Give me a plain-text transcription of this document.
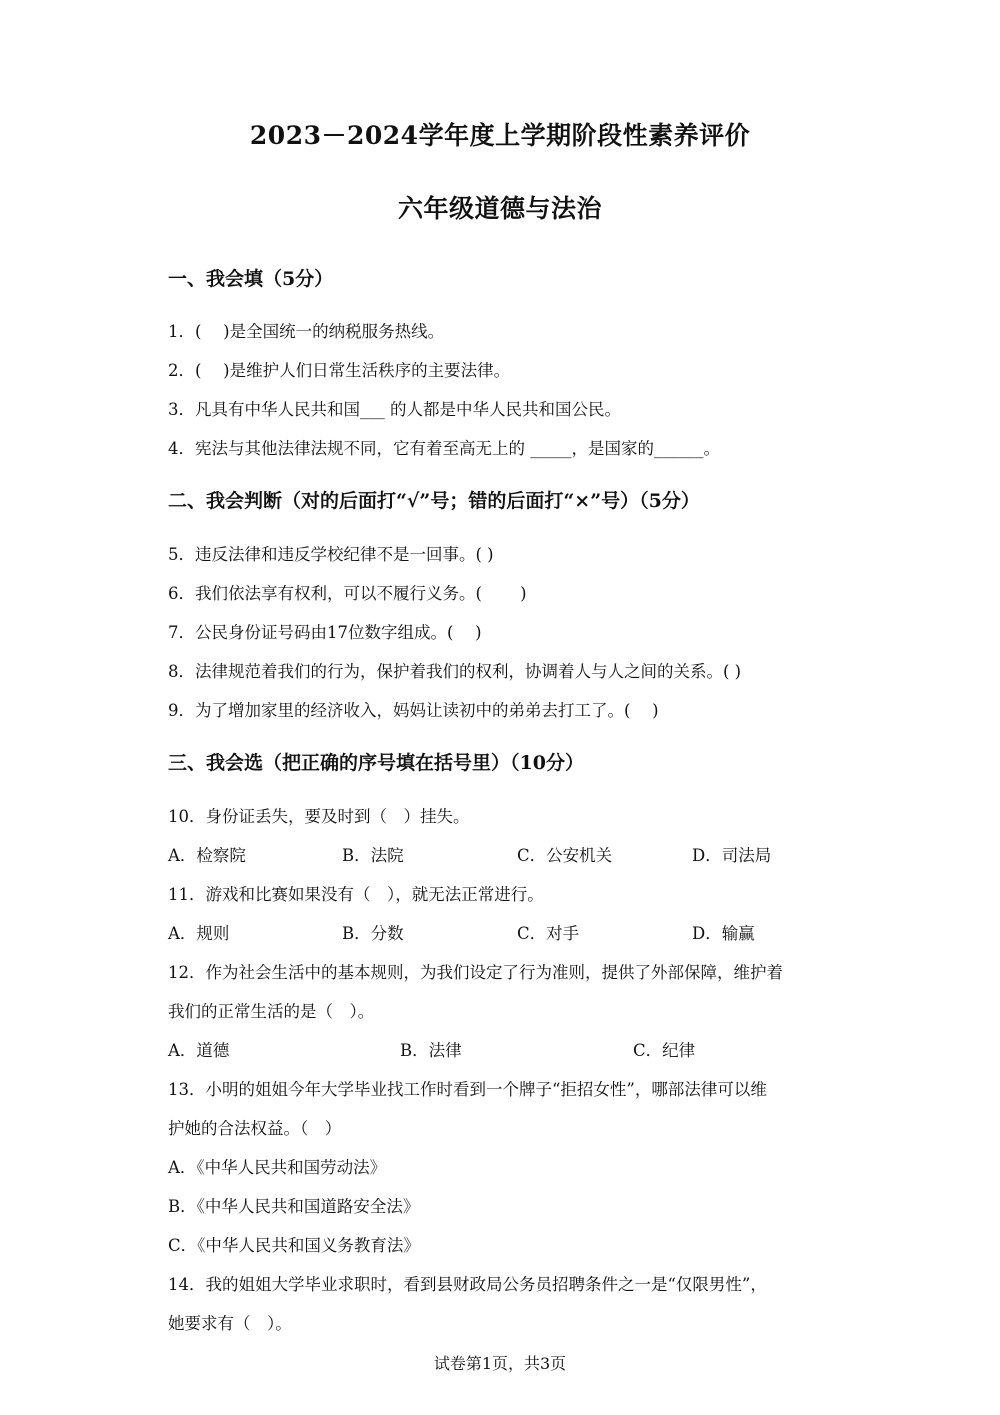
2023－2024学年度上学期阶段性素养评价
六年级道德与法治
一、我会填（5分）
1．(　 )是全国统一的纳税服务热线。
2．(　 )是维护人们日常生活秩序的主要法律。
3．凡具有中华人民共和国___ 的人都是中华人民共和国公民。
4．宪法与其他法律法规不同，它有着至高无上的 _____，是国家的______。
二、我会判断（对的后面打“√”号；错的后面打“×”号）（5分）
5．违反法律和违反学校纪律不是一回事。( )
6．我们依法享有权利，可以不履行义务。(　　 )
7．公民身份证号码由17位数字组成。(　 )
8．法律规范着我们的行为，保护着我们的权利，协调着人与人之间的关系。( )
9．为了增加家里的经济收入，妈妈让读初中的弟弟去打工了。(　 )
三、我会选（把正确的序号填在括号里）（10分）
10．身份证丢失，要及时到（　）挂失。
A．检察院	B．法院	C．公安机关	D．司法局
11．游戏和比赛如果没有（　），就无法正常进行。
A．规则	B．分数	C．对手	D．输赢
12．作为社会生活中的基本规则，为我们设定了行为准则，提供了外部保障，维护着
我们的正常生活的是（　）。
A．道德	B．法律	C．纪律
13．小明的姐姐今年大学毕业找工作时看到一个牌子“拒招女性”，哪部法律可以维
护她的合法权益。（　）
A．《中华人民共和国劳动法》
B．《中华人民共和国道路安全法》
C．《中华人民共和国义务教育法》
14．我的姐姐大学毕业求职时，看到县财政局公务员招聘条件之一是“仅限男性”，
她要求有（　）。
试卷第1页，共3页
